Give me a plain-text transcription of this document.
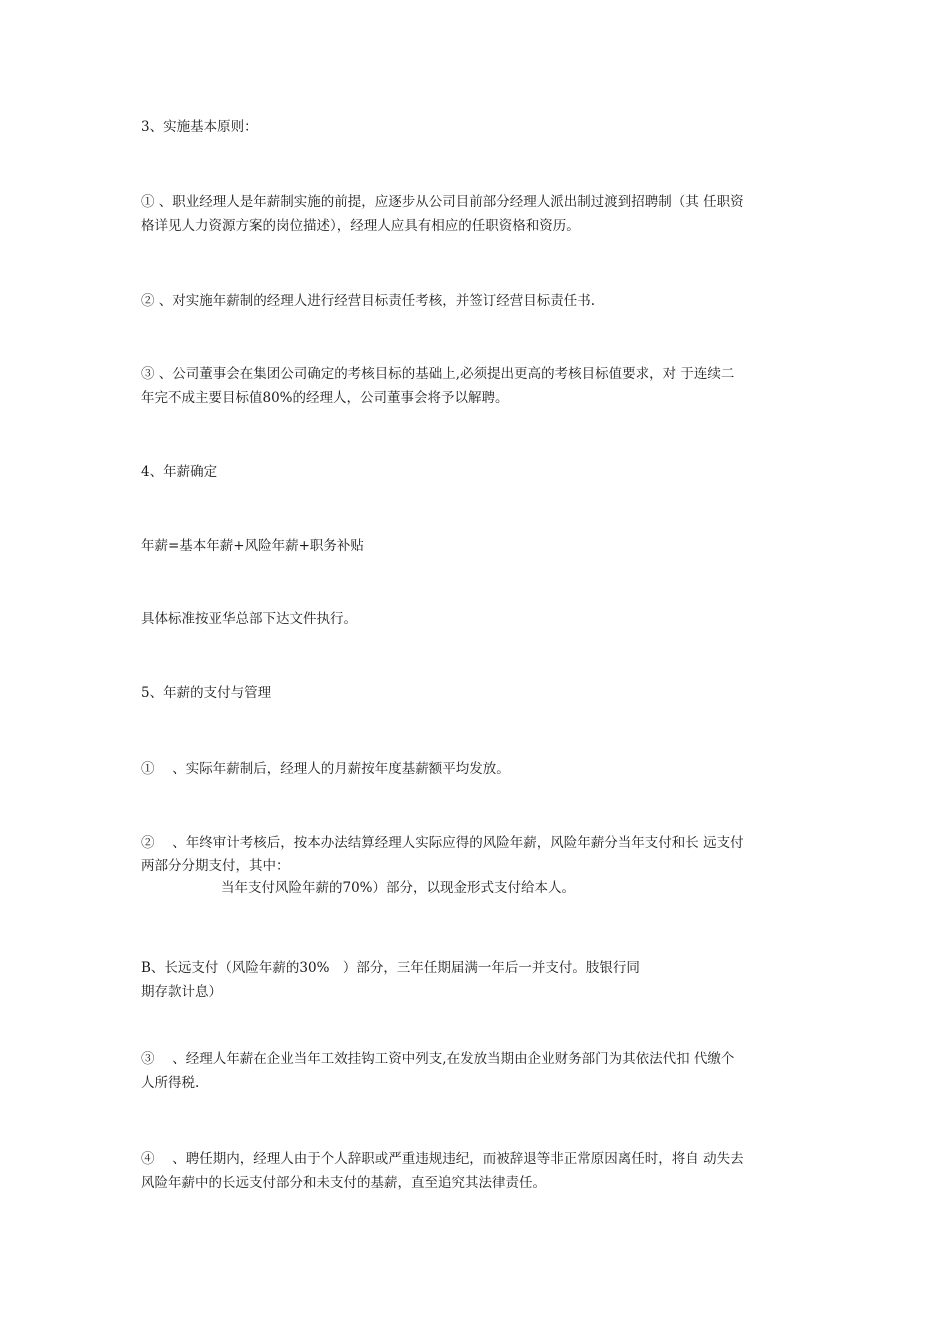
3、实施基本原则：
① 、职业经理人是年薪制实施的前提，应逐步从公司目前部分经理人派出制过渡到招聘制（其 任职资
格详见人力资源方案的岗位描述），经理人应具有相应的任职资格和资历。
② 、对实施年薪制的经理人进行经营目标责任考核，并签订经营目标责任书.
③ 、公司董事会在集团公司确定的考核目标的基础上,必须提出更高的考核目标值要求，对 于连续二
年完不成主要目标值80%的经理人，公司董事会将予以解聘。
4、年薪确定
年薪=基本年薪+风险年薪+职务补贴
具体标准按亚华总部下达文件执行。
5、年薪的支付与管理
①　 、实际年薪制后，经理人的月薪按年度基薪额平均发放。
②　 、年终审计考核后，按本办法结算经理人实际应得的风险年薪，风险年薪分当年支付和长 远支付
两部分分期支付，其中：
当年支付风险年薪的70%）部分，以现金形式支付给本人。
B、长远支付（风险年薪的30%　）部分，三年任期届满一年后一并支付。肢银行同
期存款计息）
③　 、经理人年薪在企业当年工效挂钩工资中列支,在发放当期由企业财务部门为其依法代扣 代缴个
人所得税.
④　 、聘任期内，经理人由于个人辞职或严重违规违纪，而被辞退等非正常原因离任时，将自 动失去
风险年薪中的长远支付部分和未支付的基薪，直至追究其法律责任。
